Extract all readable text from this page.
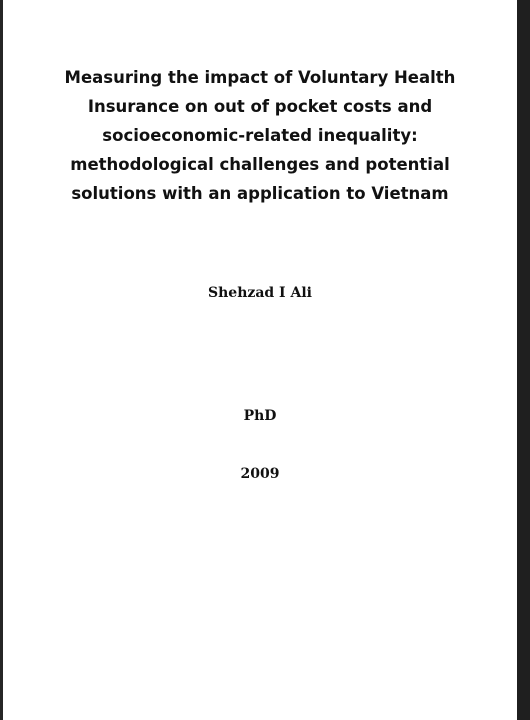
Measuring the impact of Voluntary Health
Insurance on out of pocket costs and
socioeconomic-related inequality:
methodological challenges and potential
solutions with an application to Vietnam
Shehzad I Ali
PhD
2009
